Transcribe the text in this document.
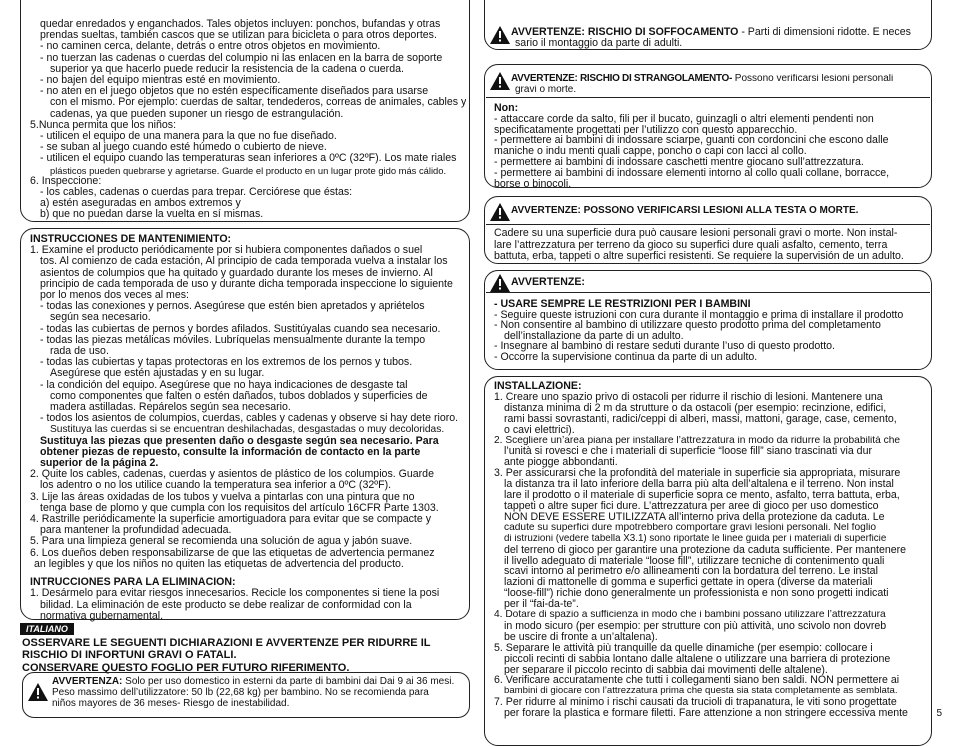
quedar enredados y enganchados. Tales objetos incluyen: ponchos, bufandas y otras
prendas sueltas, también cascos que se utilizan para bicicleta o para otros deportes.
- no caminen cerca, delante, detrás o entre otros objetos en movimiento.
- no tuerzan las cadenas o cuerdas del columpio ni las enlacen en la barra de soporte
superior ya que hacerlo puede reducir la resistencia de la cadena o cuerda.
- no bajen del equipo mientras esté en movimiento.
- no aten en el juego objetos que no estén específicamente diseñados para usarse
con el mismo. Por ejemplo: cuerdas de saltar, tendederos, correas de animales, cables y
cadenas, ya que pueden suponer un riesgo de estrangulación.
5.Nunca permita que los niños:
- utilicen el equipo de una manera para la que no fue diseñado.
- se suban al juego cuando esté húmedo o cubierto de nieve.
- utilicen el equipo cuando las temperaturas sean inferiores a 0ºC (32ºF). Los mate riales
plásticos pueden quebrarse y agrietarse. Guarde el producto en un lugar prote gido más cálido.
6. Inspeccione:
- los cables, cadenas o cuerdas para trepar. Cerciórese que éstas:
a) estén aseguradas en ambos extremos y
b) que no puedan darse la vuelta en sí mismas.
INSTRUCCIONES DE MANTENIMIENTO:
1. Examine el producto periódicamente por si hubiera componentes dañados o suel
tos. Al comienzo de cada estación, Al principio de cada temporada vuelva a instalar los
asientos de columpios que ha quitado y guardado durante los meses de invierno. Al
principio de cada temporada de uso y durante dicha temporada inspeccione lo siguiente
por lo menos dos veces al mes:
- todas las conexiones y pernos. Asegúrese que estén bien apretados y apriételos
según sea necesario.
- todas las cubiertas de pernos y bordes afilados. Sustitúyalas cuando sea necesario.
- todas las piezas metálicas móviles. Lubríquelas mensualmente durante la tempo
rada de uso.
- todas las cubiertas y tapas protectoras en los extremos de los pernos y tubos.
Asegúrese que estén ajustadas y en su lugar.
- la condición del equipo. Asegúrese que no haya indicaciones de desgaste tal
como componentes que falten o estén dañados, tubos doblados y superficies de
madera astilladas. Repárelos según sea necesario.
- todos los asientos de columpios, cuerdas, cables y cadenas y observe si hay dete rioro.
Sustituya las cuerdas si se encuentran deshilachadas, desgastadas o muy decoloridas.
Sustituya las piezas que presenten daño o desgaste según sea necesario. Para
obtener piezas de repuesto, consulte la información de contacto en la parte
superior de la página 2.
2. Quite los cables, cadenas, cuerdas y asientos de plástico de los columpios. Guarde
los adentro o no los utilice cuando la temperatura sea inferior a 0ºC (32ºF).
3. Lije las áreas oxidadas de los tubos y vuelva a pintarlas con una pintura que no
tenga base de plomo y que cumpla con los requisitos del artículo 16CFR Parte 1303.
4. Rastrille periódicamente la superficie amortiguadora para evitar que se compacte y
para mantener la profundidad adecuada.
5. Para una limpieza general se recomienda una solución de agua y jabón suave.
6. Los dueños deben responsabilizarse de que las etiquetas de advertencia permanez
an legibles y que los niños no quiten las etiquetas de advertencia del producto.
INTRUCCIONES PARA LA ELIMINACIÓN:
1. Desármelo para evitar riesgos innecesarios. Recicle los componentes si tiene la posi
bilidad. La eliminación de este producto se debe realizar de conformidad con la
normativa gubernamental.
ITALIANO
OSSERVARE LE SEGUENTI DICHIARAZIONI E AVVERTENZE PER RIDURRE IL
RISCHIO DI INFORTUNI GRAVI O FATALI.
CONSERVARE QUESTO FOGLIO PER FUTURO RIFERIMENTO.
AVVERTENZA: Solo per uso domestico in esterni da parte di bambini dai Dai 9 ai 36 mesi.
Peso massimo dell’utilizzatore: 50 lb (22,68 kg) per bambino. No se recomienda para
niños mayores de 36 meses- Riesgo de inestabilidad.
AVVERTENZE: RISCHIO DI SOFFOCAMENTO - Parti di dimensioni ridotte. È neces
sario il montaggio da parte di adulti.
AVVERTENZE: RISCHIO DI STRANGOLAMENTO- Possono verificarsi lesioni personali
gravi o morte.
Non:
- attaccare corde da salto, fili per il bucato, guinzagli o altri elementi pendenti non
specificatamente progettati per l’utilizzo con questo apparecchio.
- permettere ai bambini di indossare sciarpe, guanti con cordoncini che escono dalle
maniche o indu menti quali cappe, poncho o capi con lacci al collo.
- permettere ai bambini di indossare caschetti mentre giocano sull’attrezzatura.
- permettere ai bambini di indossare elementi intorno al collo quali collane, borracce,
borse o binocoli.
AVVERTENZE: POSSONO VERIFICARSI LESIONI ALLA TESTA O MORTE.
Cadere su una superficie dura può causare lesioni personali gravi o morte. Non instal-
lare l’attrezzatura per terreno da gioco su superfici dure quali asfalto, cemento, terra
battuta, erba, tappeti o altre superfici resistenti. Se requiere la supervisión de un adulto.
AVVERTENZE:
- USARE SEMPRE LE RESTRIZIONI PER I BAMBINI
- Seguire queste istruzioni con cura durante il montaggio e prima di installare il prodotto
- Non consentire al bambino di utilizzare questo prodotto prima del completamento
dell’installazione da parte di un adulto.
- Insegnare al bambino di restare seduti durante l’uso di questo prodotto.
- Occorre la supervisione continua da parte di un adulto.
INSTALLAZIONE:
1. Creare uno spazio privo di ostacoli per ridurre il rischio di lesioni. Mantenere una
distanza minima di 2 m da strutture o da ostacoli (per esempio: recinzione, edifici,
rami bassi sovrastanti, radici/ceppi di alberi, massi, mattoni, garage, case, cemento,
o cavi elettrici).
2. Scegliere un’area piana per installare l’attrezzatura in modo da ridurre la probabilità che
l’unità si rovesci e che i materiali di superficie “loose fill” siano trascinati via dur
ante piogge abbondanti.
3. Per assicurarsi che la profondità del materiale in superficie sia appropriata, misurare
la distanza tra il lato inferiore della barra più alta dell’altalena e il terreno. Non instal
lare il prodotto o il materiale di superficie sopra ce mento, asfalto, terra battuta, erba,
tappeti o altre super fici dure. L’attrezzatura per aree di gioco per uso domestico
NON DEVE ESSERE UTILIZZATA all’interno priva della protezione da caduta. Le
cadute su superfici dure mpotrebbero comportare gravi lesioni personali. Nel foglio
di istruzioni (vedere tabella X3.1) sono riportate le linee guida per i materiali di superficie
del terreno di gioco per garantire una protezione da caduta sufficiente. Per mantenere
il livello adeguato di materiale “loose fill”, utilizzare tecniche di contenimento quali
scavi intorno al perimetro e/o allineamenti con la bordatura del terreno. Le instal
lazioni di mattonelle di gomma e superfici gettate in opera (diverse da materiali
“loose-fill”) richie dono generalmente un professionista e non sono progetti indicati
per il “fai-da-te”.
4. Dotare di spazio a sufficienza in modo che i bambini possano utilizzare l’attrezzatura
in modo sicuro (per esempio: per strutture con più attività, uno scivolo non dovreb
be uscire di fronte a un’altalena).
5. Separare le attività più tranquille da quelle dinamiche (per esempio: collocare i
piccoli recinti di sabbia lontano dalle altalene o utilizzare una barriera di protezione
per separare il piccolo recinto di sabbia dai movimenti delle altalene).
6. Verificare accuratamente che tutti i collegamenti siano ben saldi. NON permettere ai
bambini di giocare con l’attrezzatura prima che questa sia stata completamente as semblata.
7. Per ridurre al minimo i rischi causati da trucioli di trapanatura, le viti sono progettate
per forare la plastica e formare filetti. Fare attenzione a non stringere eccessiva mente	5
